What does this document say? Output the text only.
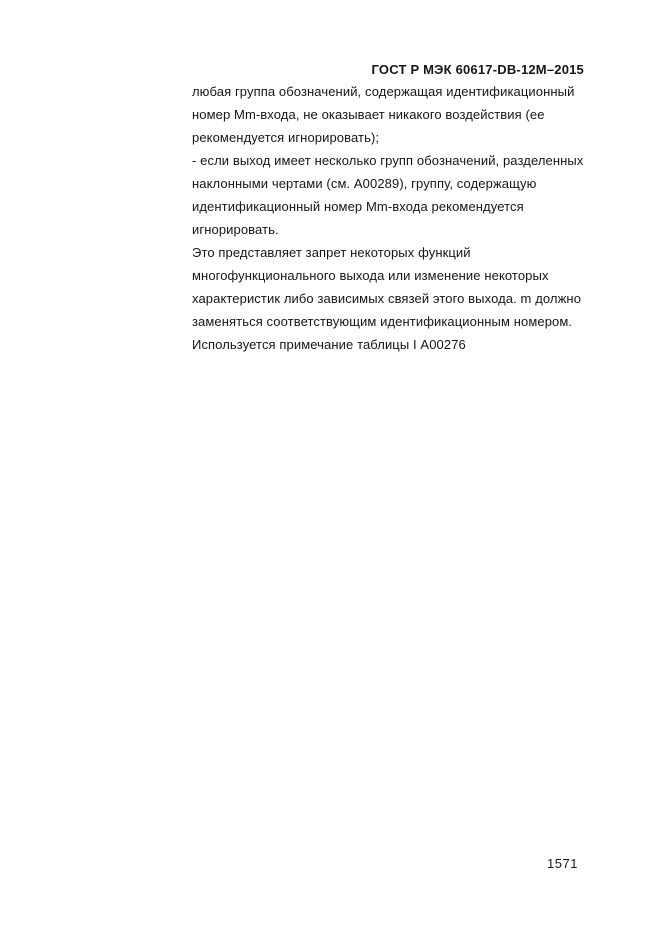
ГОСТ Р МЭК 60617-DB-12М–2015
любая группа обозначений, содержащая идентификационный
номер Mm-входа, не оказывает никакого воздействия (ее
рекомендуется игнорировать);
- если выход имеет несколько групп обозначений, разделенных
наклонными чертами (см. А00289), группу, содержащую
идентификационный номер Mm-входа рекомендуется
игнорировать.
Это представляет запрет некоторых функций
многофункционального выхода или изменение некоторых
характеристик либо зависимых связей этого выхода. m должно
заменяться соответствующим идентификационным номером.
Используется примечание таблицы I А00276
1571
